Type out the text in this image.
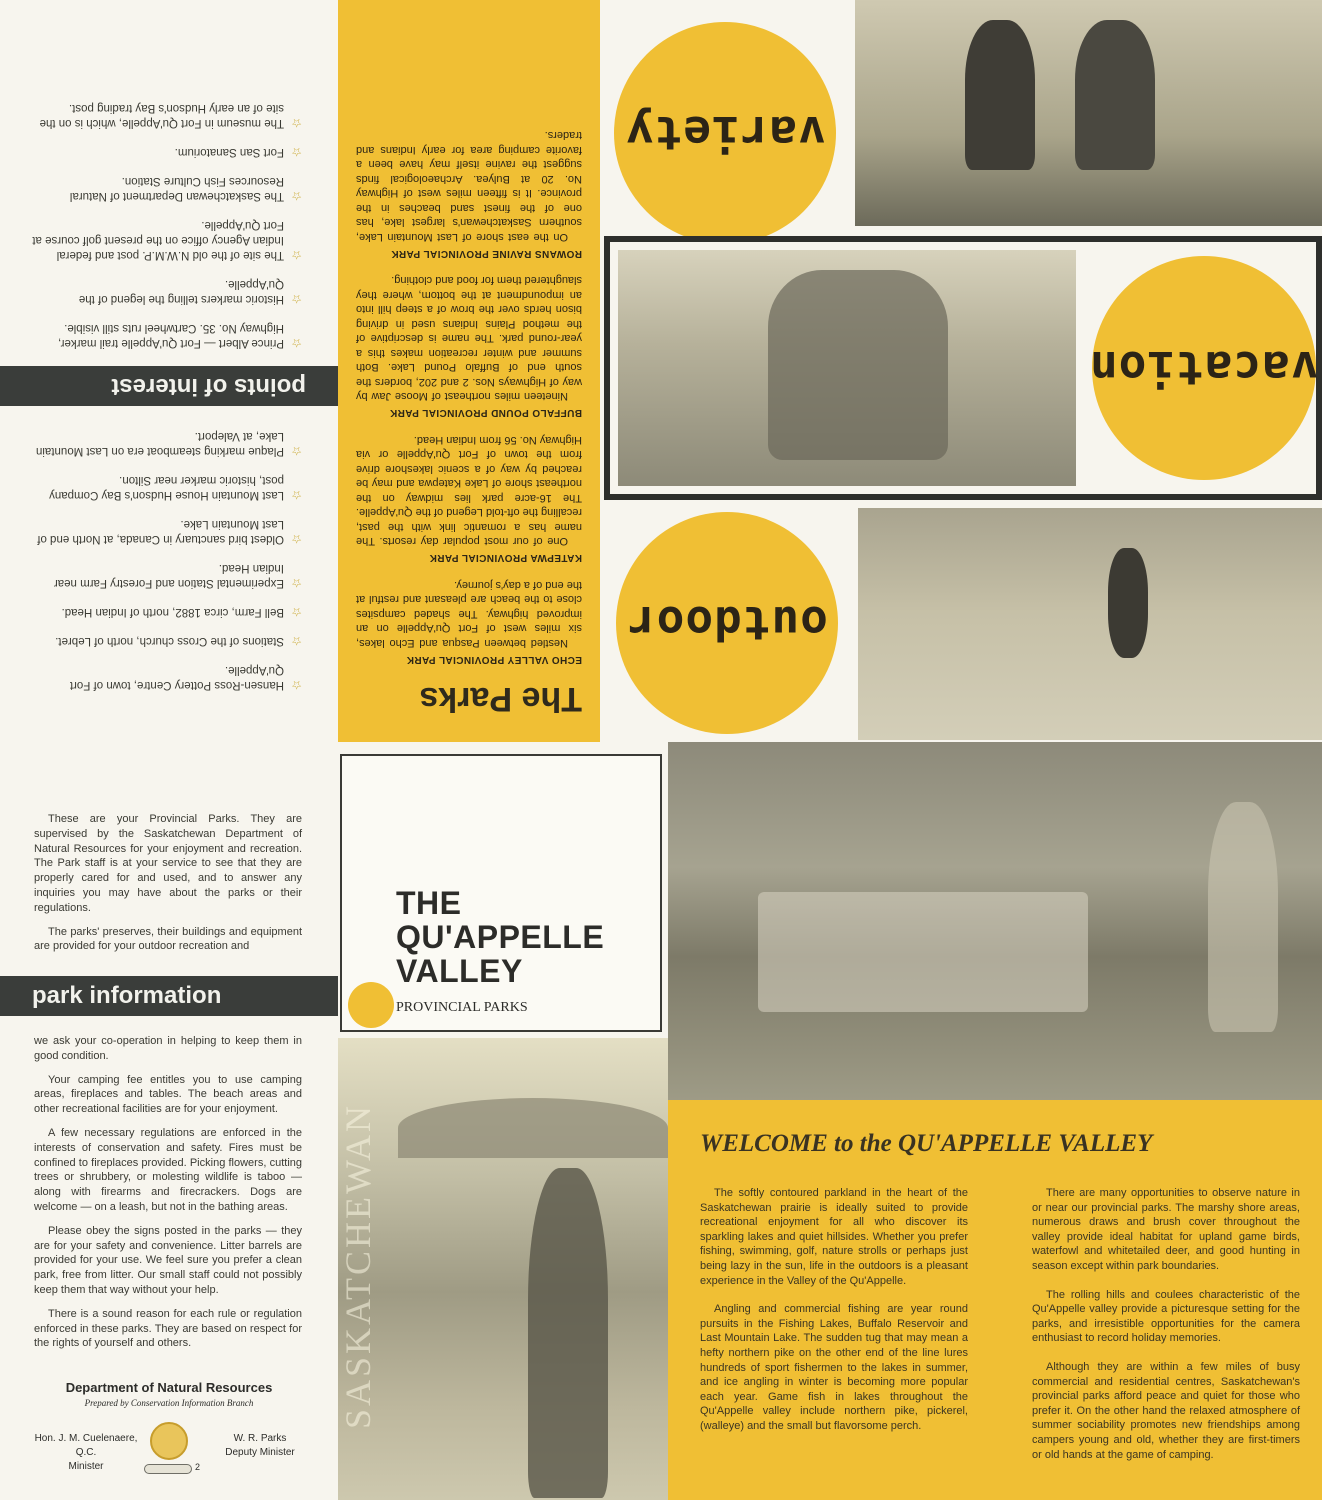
☆ Hansen-Ross Pottery Centre, town of Fort Qu'Appelle.
☆ Stations of the Cross church, north of Lebret.
☆ Bell Farm, circa 1882, north of Indian Head.
☆ Experimental Station and Forestry Farm near Indian Head.
☆ Oldest bird sanctuary in Canada, at North end of Last Mountain Lake.
☆ Last Mountain House Hudson's Bay Company post, historic marker near Silton.
☆ Plaque marking steamboat era on Last Mountain Lake, at Valeport.
points of interest
☆ Prince Albert — Fort Qu'Appelle trail marker, Highway No. 35. Cartwheel ruts still visible.
☆ Historic markers telling the legend of the Qu'Appelle.
☆ The site of the old N.W.M.P. post and federal Indian Agency office on the present golf course at Fort Qu'Appelle.
☆ The Saskatchewan Department of Natural Resources Fish Culture Station.
☆ Fort San Sanatorium.
☆ The museum in Fort Qu'Appelle, which is on the site of an early Hudson's Bay trading post.
The Parks
ECHO VALLEY PROVINCIAL PARK

Nestled between Pasqua and Echo lakes, six miles west of Fort Qu'Appelle on an improved highway. The shaded campsites close to the beach are pleasant and restful at the end of a day's journey.

KATEPWA PROVINCIAL PARK

One of our most popular day resorts. The name has a romantic link with the past, recalling the oft-told Legend of the Qu'Appelle. The 16-acre park lies midway on the northeast shore of Lake Katepwa and may be reached by way of a scenic lakeshore drive from the town of Fort Qu'Appelle or via Highway No. 56 from Indian Head.

BUFFALO POUND PROVINCIAL PARK

Nineteen miles northeast of Moose Jaw by way of Highways Nos. 2 and 202, borders the south end of Buffalo Pound Lake. Both summer and winter recreation makes this a year-round park. The name is descriptive of the method Plains Indians used in driving bison herds over the brow of a steep hill into an impoundment at the bottom, where they slaughtered them for food and clothing.

ROWANS RAVINE PROVINCIAL PARK

On the east shore of Last Mountain Lake, southern Saskatchewan's largest lake, has one of the finest sand beaches in the province. It is fifteen miles west of Highway No. 20 at Bulyea. Archaeological finds suggest the ravine itself may have been a favorite camping area for early Indians and traders. variety
vacation
outdoor

These are your Provincial Parks. They are supervised by the Saskatchewan Department of Natural Resources for your enjoyment and recreation. The Park staff is at your service to see that they are properly cared for and used, and to answer any inquiries you may have about the parks or their regulations.

The parks' preserves, their buildings and equipment are provided for your outdoor recreation and

park information

we ask your co-operation in helping to keep them in good condition.

Your camping fee entitles you to use camping areas, fireplaces and tables. The beach areas and other recreational facilities are for your enjoyment.

A few necessary regulations are enforced in the interests of conservation and safety. Fires must be confined to fireplaces provided. Picking flowers, cutting trees or shrubbery, or molesting wildlife is taboo — along with firearms and firecrackers. Dogs are welcome — on a leash, but not in the bathing areas.

Please obey the signs posted in the parks — they are for your safety and convenience. Litter barrels are provided for your use. We feel sure you prefer a clean park, free from litter. Our small staff could not possibly keep them that way without your help.

There is a sound reason for each rule or regulation enforced in these parks. They are based on respect for the rights of yourself and others.

Department of Natural Resources
Prepared by Conservation Information Branch
Hon. J. M. Cuelenaere, Q.C.
Minister	2
W. R. Parks
Deputy Minister
THE
QU'APPELLE
VALLEY
PROVINCIAL PARKS
SASKATCHEWAN	WELCOME to the QU'APPELLE VALLEY

The softly contoured parkland in the heart of the Saskatchewan prairie is ideally suited to provide recreational enjoyment for all who discover its sparkling lakes and quiet hillsides. Whether you prefer fishing, swimming, golf, nature strolls or perhaps just being lazy in the sun, life in the outdoors is a pleasant experience in the Valley of the Qu'Appelle.

Angling and commercial fishing are year round pursuits in the Fishing Lakes, Buffalo Reservoir and Last Mountain Lake. The sudden tug that may mean a hefty northern pike on the other end of the line lures hundreds of sport fishermen to the lakes in summer, and ice angling in winter is becoming more popular each year. Game fish in lakes throughout the Qu'Appelle valley include northern pike, pickerel, (walleye) and the small but flavorsome perch.

There are many opportunities to observe nature in or near our provincial parks. The marshy shore areas, numerous draws and brush cover throughout the valley provide ideal habitat for upland game birds, waterfowl and whitetailed deer, and good hunting in season except within park boundaries.

The rolling hills and coulees characteristic of the Qu'Appelle valley provide a picturesque setting for the parks, and irresistible opportunities for the camera enthusiast to record holiday memories.

Although they are within a few miles of busy commercial and residential centres, Saskatchewan's provincial parks afford peace and quiet for those who prefer it. On the other hand the relaxed atmosphere of summer sociability promotes new friendships among campers young and old, whether they are first-timers or old hands at the game of camping.
